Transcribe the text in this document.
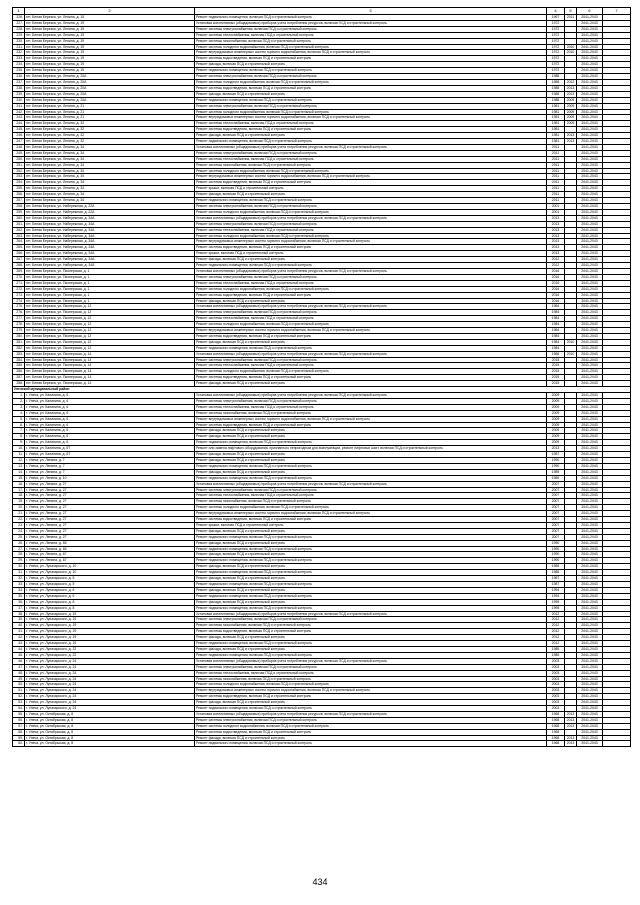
1	2	3	4	5	6	7
226.	пгт. Белая Березка, ул. Ленина, д. 15	Ремонт подвального помещения, включая ПСД и строительный контроль	1967	2011	2041-2043	
227.	пгт. Белая Березка, ул. Ленина, д. 19	Установка коллективных (общедомовых) приборов учета потребления ресурсов, включая ПСД и строительный контроль	1972		2041-2043	
228.	пгт. Белая Березка, ул. Ленина, д. 19	Ремонт системы электроснабжения, включая ПСД и строительный контроль	1972		2041-2043	
229.	пгт. Белая Березка, ул. Ленина, д. 19	Ремонт системы теплоснабжения, включая ПСД и строительный контроль	1972		2041-2043	
230.	пгт. Белая Березка, ул. Ленина, д. 19	Ремонт системы газоснабжения, включая ПСД и строительный контроль	1972		2041-2043	
231.	пгт. Белая Березка, ул. Ленина, д. 19	Ремонт системы холодного водоснабжения, включая ПСД и строительный контроль	1972	2010	2041-2043	
232.	пгт. Белая Березка, ул. Ленина, д. 19	Ремонт внутридомовых инженерных систем горячего водоснабжения, включая ПСД и строительный контроль	1972	2010	2041-2043	
233.	пгт. Белая Березка, ул. Ленина, д. 19	Ремонт системы водоотведения, включая ПСД и строительный контроль	1972		2041-2043	
234.	пгт. Белая Березка, ул. Ленина, д. 19	Ремонт фасада, включая ПСД и строительный контроль	1972		2041-2043	
235.	пгт. Белая Березка, ул. Ленина, д. 19	Ремонт подвального помещения, включая ПСД и строительный контроль	1972		2041-2043	
236.	пгт. Белая Березка, ул. Ленина, д. 20А	Ремонт системы электроснабжения, включая ПСД и строительный контроль	1988		2041-2043	
237.	пгт. Белая Березка, ул. Ленина, д. 20А	Ремонт системы холодного водоснабжения, включая ПСД и строительный контроль	1988	2012	2041-2043	
238.	пгт. Белая Березка, ул. Ленина, д. 20А	Ремонт системы водоотведения, включая ПСД и строительный контроль	1988	2013	2041-2043	
239.	пгт. Белая Березка, ул. Ленина, д. 20А	Ремонт фасада, включая ПСД и строительный контроль	1988	2013	2041-2043	
240.	пгт. Белая Березка, ул. Ленина, д. 20А	Ремонт подвального помещения, включая ПСД и строительный контроль	1988	2009	2041-2043	
241.	пгт. Белая Березка, ул. Ленина, д. 21	Ремонт системы электроснабжения, включая ПСД и строительный контроль	1981	2009	2041-2043	
242.	пгт. Белая Березка, ул. Ленина, д. 21	Ремонт системы холодного водоснабжения, включая ПСД и строительный контроль	1981	2009	2041-2043	
243.	пгт. Белая Березка, ул. Ленина, д. 21	Ремонт внутридомовых инженерных систем горячего водоснабжения, включая ПСД и строительный контроль	1981	2009	2041-2043	
244.	пгт. Белая Березка, ул. Ленина, д. 32	Ремонт системы теплоснабжения, включая ПСД и строительный контроль	1981	2009	2041-2043	
245.	пгт. Белая Березка, ул. Ленина, д. 32	Ремонт системы водоотведения, включая ПСД и строительный контроль	1981		2041-2043	
246.	пгт. Белая Березка, ул. Ленина, д. 32	Ремонт фасада, включая ПСД и строительный контроль	1981	2013	2041-2043	
247.	пгт. Белая Березка, ул. Ленина, д. 32	Ремонт подвального помещения, включая ПСД и строительный контроль	1981	2013	2041-2043	
248.	пгт. Белая Березка, ул. Ленина, д. 34	Установка коллективных (общедомовых) приборов учета потребления ресурсов, включая ПСД и строительный контроль	2011		2041-2043	
249.	пгт. Белая Березка, ул. Ленина, д. 34	Ремонт системы электроснабжения, включая ПСД и строительный контроль	2011		2041-2043	
250.	пгт. Белая Березка, ул. Ленина, д. 34	Ремонт системы теплоснабжения, включая ПСД и строительный контроль	2011		2041-2043	
251.	пгт. Белая Березка, ул. Ленина, д. 34	Ремонт системы газоснабжения, включая ПСД и строительный контроль	2011		2041-2043	
252.	пгт. Белая Березка, ул. Ленина, д. 34	Ремонт системы холодного водоснабжения, включая ПСД и строительный контроль	2011		2041-2043	
253.	пгт. Белая Березка, ул. Ленина, д. 34	Ремонт внутридомовых инженерных систем горячего водоснабжения, включая ПСД и строительный контроль	2011		2041-2043	
254.	пгт. Белая Березка, ул. Ленина, д. 34	Ремонт системы водоотведения, включая ПСД и строительный контроль	2011		2041-2043	
255.	пгт. Белая Березка, ул. Ленина, д. 34	Ремонт крыши, включая ПСД и строительный контроль	2011		2041-2043	
256.	пгт. Белая Березка, ул. Ленина, д. 34	Ремонт фасада, включая ПСД и строительный контроль	2011		2041-2043	
257.	пгт. Белая Березка, ул. Ленина, д. 34	Ремонт подвального помещения, включая ПСД и строительный контроль	2011		2041-2043	
258.	пгт. Белая Березка, ул. Набережная, д. 22А	Ремонт системы электроснабжения, включая ПСД и строительный контроль	2001		2041-2043	
259.	пгт. Белая Березка, ул. Набережная, д. 22А	Ремонт системы холодного водоснабжения, включая ПСД и строительный контроль	2001		2041-2043	
260.	пгт. Белая Березка, ул. Набережная, д. 34А	Установка коллективных (общедомовых) приборов учета потребления ресурсов, включая ПСД и строительный контроль	2013		2041-2043	
261.	пгт. Белая Березка, ул. Набережная, д. 34А	Ремонт системы электроснабжения, включая ПСД и строительный контроль	2013		2041-2043	
262.	пгт. Белая Березка, ул. Набережная, д. 34А	Ремонт системы теплоснабжения, включая ПСД и строительный контроль	2013		2041-2043	
263.	пгт. Белая Березка, ул. Набережная, д. 34А	Ремонт системы холодного водоснабжения, включая ПСД и строительный контроль	2013		2041-2043	
264.	пгт. Белая Березка, ул. Набережная, д. 34А	Ремонт внутридомовых инженерных систем горячего водоснабжения, включая ПСД и строительный контроль	2013		2041-2043	
265.	пгт. Белая Березка, ул. Набережная, д. 34А	Ремонт системы водоотведения, включая ПСД и строительный контроль	2013		2041-2043	
266.	пгт. Белая Березка, ул. Набережная, д. 34А	Ремонт крыши, включая ПСД и строительный контроль	2013		2041-2043	
267.	пгт. Белая Березка, ул. Набережная, д. 34А	Ремонт фасада, включая ПСД и строительный контроль	2012		2041-2043	
268.	пгт. Белая Березка, ул. Набережная, д. 34А	Ремонт подвального помещения, включая ПСД и строительный контроль	2012		2041-2043	
269.	пгт. Белая Березка, ул. Пионерская, д. 1	Установка коллективных (общедомовых) приборов учета потребления ресурсов, включая ПСД и строительный контроль	2016		2041-2043	
270.	пгт. Белая Березка, ул. Пионерская, д. 1	Ремонт системы электроснабжения, включая ПСД и строительный контроль	2016		2041-2043	
271.	пгт. Белая Березка, ул. Пионерская, д. 1	Ремонт системы теплоснабжения, включая ПСД и строительный контроль	2016		2041-2043	
272.	пгт. Белая Березка, ул. Пионерская, д. 1	Ремонт системы холодного водоснабжения, включая ПСД и строительный контроль	2016		2041-2043	
273.	пгт. Белая Березка, ул. Пионерская, д. 1	Ремонт системы водоотведения, включая ПСД и строительный контроль	2016		2041-2043	
274.	пгт. Белая Березка, ул. Пионерская, д. 1	Ремонт фасада, включая ПСД и строительный контроль	2016		2041-2043	
275.	пгт. Белая Березка, ул. Пионерская, д. 12	Установка коллективных (общедомовых) приборов учета потребления ресурсов, включая ПСД и строительный контроль	1984		2041-2043	
276.	пгт. Белая Березка, ул. Пионерская, д. 12	Ремонт системы электроснабжения, включая ПСД и строительный контроль	1984		2041-2043	
277.	пгт. Белая Березка, ул. Пионерская, д. 12	Ремонт системы теплоснабжения, включая ПСД и строительный контроль	1984		2041-2043	
278.	пгт. Белая Березка, ул. Пионерская, д. 12	Ремонт системы холодного водоснабжения, включая ПСД и строительный контроль	1984		2041-2043	
279.	пгт. Белая Березка, ул. Пионерская, д. 12	Ремонт внутридомовых инженерных систем горячего водоснабжения, включая ПСД и строительный контроль	1984		2041-2043	
280.	пгт. Белая Березка, ул. Пионерская, д. 12	Ремонт системы водоотведения, включая ПСД и строительный контроль	1984		2041-2043	
281.	пгт. Белая Березка, ул. Пионерская, д. 12	Ремонт фасада, включая ПСД и строительный контроль	1984	2010	2041-2043	
282.	пгт. Белая Березка, ул. Пионерская, д. 12	Ремонт подвального помещения, включая ПСД и строительный контроль	1984		2041-2043	
283.	пгт. Белая Березка, ул. Пионерская, д. 14	Установка коллективных (общедомовых) приборов учета потребления ресурсов, включая ПСД и строительный контроль	1986	2010	2041-2043	
284.	пгт. Белая Березка, ул. Пионерская, д. 14	Ремонт системы электроснабжения, включая ПСД и строительный контроль	2015		2041-2043	
285.	пгт. Белая Березка, ул. Пионерская, д. 14	Ремонт системы теплоснабжения, включая ПСД и строительный контроль	2015		2041-2043	
286.	пгт. Белая Березка, ул. Пионерская, д. 14	Ремонт системы холодного водоснабжения, включая ПСД и строительный контроль	2015		2041-2043	
287.	пгт. Белая Березка, ул. Пионерская, д. 14	Ремонт системы водоотведения, включая ПСД и строительный контроль	2015		2041-2043	
288.	пгт. Белая Березка, ул. Пионерская, д. 14	Ремонт фасада, включая ПСД и строительный контроль	2015		2041-2043	
Унечский муниципальный район						
1.	г. Унеча, ул. Калинина, д. 6	Установка коллективных (общедомовых) приборов учета потребления ресурсов, включая ПСД и строительный контроль	2009		2041-2043	
2.	г. Унеча, ул. Калинина, д. 6	Ремонт системы электроснабжения, включая ПСД и строительный контроль	2009		2041-2043	
3.	г. Унеча, ул. Калинина, д. 6	Ремонт системы теплоснабжения, включая ПСД и строительный контроль	2009		2041-2043	
4.	г. Унеча, ул. Калинина, д. 6	Ремонт системы газоснабжения, включая ПСД и строительный контроль	2009		2041-2043	
5.	г. Унеча, ул. Калинина, д. 6	Ремонт внутридомовых инженерных систем горячего водоснабжения, включая ПСД и строительный контроль	2009		2041-2043	
6.	г. Унеча, ул. Калинина, д. 6	Ремонт системы водоотведения, включая ПСД и строительный контроль	2009		2041-2043	
7.	г. Унеча, ул. Калинина, д. 6	Ремонт фасада, включая ПСД и строительный контроль	2009		2041-2043	
8.	г. Унеча, ул. Калинина, д. 6	Ремонт фасада, включая ПСД и строительный контроль	2009		2041-2043	
9.	г. Унеча, ул. Калинина, д. 6	Ремонт подвального помещения, включая ПСД и строительный контроль	2009		2041-2043	
10.	г. Унеча, ул. Калинина, д. 6Т	Ремонт или замена лифтового оборудования, признанного непригодным для эксплуатации, ремонт лифтовых шахт, включая ПСД и строительный контроль	2013		2041-2043	
11.	г. Унеча, ул. Калинина, д. 6Т	Ремонт фасада, включая ПСД и строительный контроль	1987		2041-2043	
12.	г. Унеча, ул. Ленина, д. 7	Ремонт фасада, включая ПСД и строительный контроль	1990		2041-2043	
13.	г. Унеча, ул. Ленина, д. 7	Ремонт подвального помещения, включая ПСД и строительный контроль	1990		2041-2043	
14.	г. Унеча, ул. Ленина, д. 7	Ремонт фасада, включая ПСД и строительный контроль	1989		2041-2043	
15.	г. Унеча, ул. Ленина, д. 10	Ремонт подвального помещения, включая ПСД и строительный контроль	1989		2041-2043	
16.	г. Унеча, ул. Ленина, д. 27	Установка коллективных (общедомовых) приборов учета потребления ресурсов, включая ПСД и строительный контроль	2007		2041-2043	
17.	г. Унеча, ул. Ленина, д. 27	Ремонт системы электроснабжения, включая ПСД и строительный контроль	2007		2041-2043	
18.	г. Унеча, ул. Ленина, д. 27	Ремонт системы теплоснабжения, включая ПСД и строительный контроль	2007		2041-2043	
19.	г. Унеча, ул. Ленина, д. 27	Ремонт системы газоснабжения, включая ПСД и строительный контроль	2007		2041-2043	
20.	г. Унеча, ул. Ленина, д. 27	Ремонт системы холодного водоснабжения, включая ПСД и строительный контроль	2007		2041-2043	
21.	г. Унеча, ул. Ленина, д. 27	Ремонт внутридомовых инженерных систем горячего водоснабжения, включая ПСД и строительный контроль	2007		2041-2043	
22.	г. Унеча, ул. Ленина, д. 27	Ремонт системы водоотведения, включая ПСД и строительный контроль	2007		2041-2043	
23.	г. Унеча, ул. Ленина, д. 27	Ремонт крыши, включая ПСД и строительный контроль	2007		2041-2043	
24.	г. Унеча, ул. Ленина, д. 27	Ремонт фасада, включая ПСД и строительный контроль	2007		2041-2043	
25.	г. Унеча, ул. Ленина, д. 27	Ремонт подвального помещения, включая ПСД и строительный контроль	2007		2041-2043	
26.	г. Унеча, ул. Ленина, д. 65	Ремонт фасада, включая ПСД и строительный контроль	1990		2041-2043	
27.	г. Унеча, ул. Ленина, д. 65	Ремонт подвального помещения, включая ПСД и строительный контроль	1990		2041-2043	
28.	г. Унеча, ул. Ленина, д. 67	Ремонт фасада, включая ПСД и строительный контроль	1990		2041-2043	
29.	г. Унеча, ул. Ленина, д. 67	Ремонт подвального помещения, включая ПСД и строительный контроль	1990		2041-2043	
30.	г. Унеча, ул. Луначарского, д. 10	Ремонт фасада, включая ПСД и строительный контроль	1985		2041-2043	
31.	г. Унеча, ул. Луначарского, д. 10	Ремонт подвального помещения, включая ПСД и строительный контроль	1985		2041-2043	
32.	г. Унеча, ул. Луначарского, д. 5	Ремонт фасада, включая ПСД и строительный контроль	1987		2041-2043	
33.	г. Унеча, ул. Луначарского, д. 5	Ремонт подвального помещения, включая ПСД и строительный контроль	1987		2041-2043	
34.	г. Унеча, ул. Луначарского, д. 6	Ремонт фасада, включая ПСД и строительный контроль	1994		2041-2043	
35.	г. Унеча, ул. Луначарского, д. 6	Ремонт подвального помещения, включая ПСД и строительный контроль	1994		2041-2043	
36.	г. Унеча, ул. Луначарского, д. 8	Ремонт фасада, включая ПСД и строительный контроль	1995		2041-2043	
37.	г. Унеча, ул. Луначарского, д. 8	Ремонт подвального помещения, включая ПСД и строительный контроль	1995		2041-2043	
38.	г. Унеча, ул. Луначарского, д. 19	Установка коллективных (общедомовых) приборов учета потребления ресурсов, включая ПСД и строительный контроль	2012		2041-2043	
39.	г. Унеча, ул. Луначарского, д. 19	Ремонт системы электроснабжения, включая ПСД и строительный контроль	2012		2041-2043	
40.	г. Унеча, ул. Луначарского, д. 19	Ремонт системы газоснабжения, включая ПСД и строительный контроль	2012		2041-2043	
41.	г. Унеча, ул. Луначарского, д. 19	Ремонт системы водоотведения, включая ПСД и строительный контроль	2012		2041-2043	
42.	г. Унеча, ул. Луначарского, д. 19	Ремонт фасада, включая ПСД и строительный контроль	2012		2041-2043	
43.	г. Унеча, ул. Луначарского, д. 19	Ремонт подвального помещения, включая ПСД и строительный контроль	2012		2041-2043	
44.	г. Унеча, ул. Луначарского, д. 22	Ремонт фасада, включая ПСД и строительный контроль	1985		2041-2043	
45.	г. Унеча, ул. Луначарского, д. 22	Ремонт подвального помещения, включая ПСД и строительный контроль	1985		2041-2043	
46.	г. Унеча, ул. Луначарского, д. 24	Установка коллективных (общедомовых) приборов учета потребления ресурсов, включая ПСД и строительный контроль	2003		2041-2043	
47.	г. Унеча, ул. Луначарского, д. 24	Ремонт системы электроснабжения, включая ПСД и строительный контроль	2003		2041-2043	
48.	г. Унеча, ул. Луначарского, д. 24	Ремонт системы теплоснабжения, включая ПСД и строительный контроль	2003		2041-2043	
49.	г. Унеча, ул. Луначарского, д. 24	Ремонт системы газоснабжения, включая ПСД и строительный контроль	2003		2041-2043	
50.	г. Унеча, ул. Луначарского, д. 24	Ремонт системы холодного водоснабжения, включая ПСД и строительный контроль	2003		2041-2043	
51.	г. Унеча, ул. Луначарского, д. 24	Ремонт внутридомовых инженерных систем горячего водоснабжения, включая ПСД и строительный контроль	2003		2041-2043	
52.	г. Унеча, ул. Луначарского, д. 24	Ремонт системы водоотведения, включая ПСД и строительный контроль	2003		2041-2043	
53.	г. Унеча, ул. Луначарского, д. 24	Ремонт фасада, включая ПСД и строительный контроль	2003		2041-2043	
54.	г. Унеча, ул. Луначарского, д. 24	Ремонт подвального помещения, включая ПСД и строительный контроль	2003		2041-2043	
55.	г. Унеча, ул. Октябрьская, д. 8	Установка коллективных (общедомовых) приборов учета потребления ресурсов, включая ПСД и строительный контроль	1968	2013	2041-2043	
56.	г. Унеча, ул. Октябрьская, д. 8	Ремонт системы электроснабжения, включая ПСД и строительный контроль	1968	2013	2041-2043	
57.	г. Унеча, ул. Октябрьская, д. 8	Ремонт системы холодного водоснабжения, включая ПСД и строительный контроль	1968	2013	2041-2043	
58.	г. Унеча, ул. Октябрьская, д. 8	Ремонт системы водоотведения, включая ПСД и строительный контроль	1968		2041-2043	
59.	г. Унеча, ул. Октябрьская, д. 8	Ремонт фасада, включая ПСД и строительный контроль	1968	2013	2041-2043	
60.	г. Унеча, ул. Октябрьская, д. 8	Ремонт подвального помещения, включая ПСД и строительный контроль	1968	2013	2041-2043	
434
